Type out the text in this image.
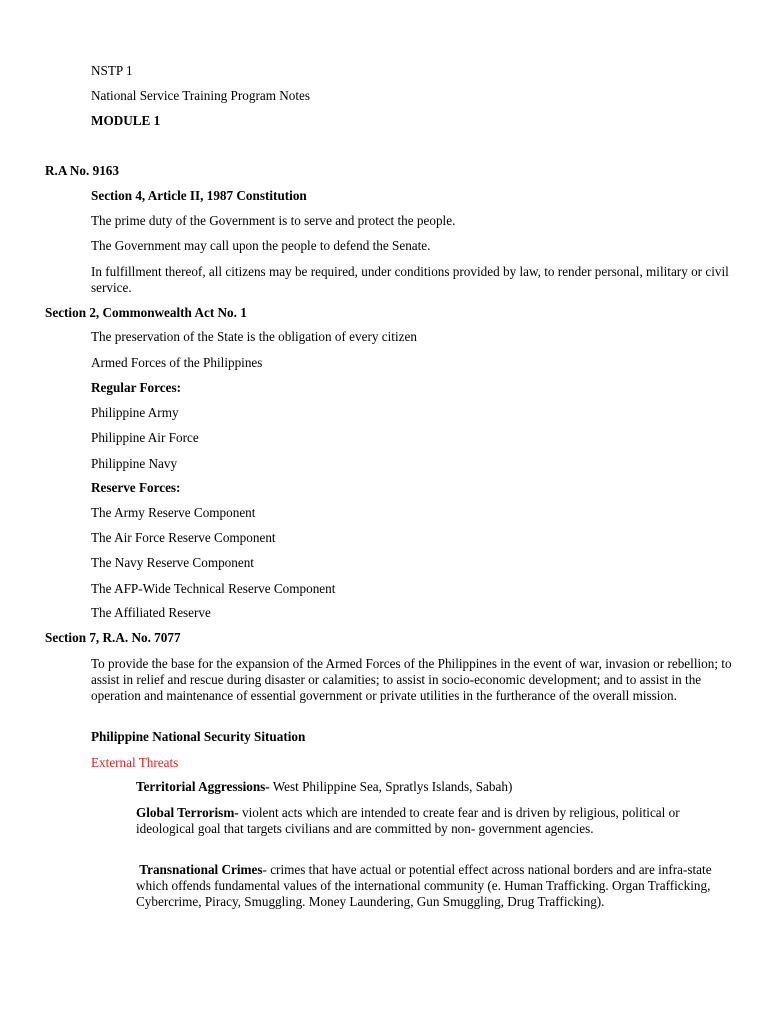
NSTP 1

National Service Training Program Notes

MODULE 1

R.A No. 9163

Section 4, Article II, 1987 Constitution

The prime duty of the Government is to serve and protect the people.

The Government may call upon the people to defend the Senate.

In fulfillment thereof, all citizens may be required, under conditions provided by law, to render personal, military or civil service.

Section 2, Commonwealth Act No. 1

The preservation of the State is the obligation of every citizen

Armed Forces of the Philippines

Regular Forces:

Philippine Army

Philippine Air Force

Philippine Navy

Reserve Forces:

The Army Reserve Component

The Air Force Reserve Component

The Navy Reserve Component

The AFP-Wide Technical Reserve Component

The Affiliated Reserve

Section 7, R.A. No. 7077

To provide the base for the expansion of the Armed Forces of the Philippines in the event of war, invasion or rebellion; to assist in relief and rescue during disaster or calamities; to assist in socio-economic development; and to assist in the operation and maintenance of essential government or private utilities in the furtherance of the overall mission.

Philippine National Security Situation

External Threats

Territorial Aggressions- West Philippine Sea, Spratlys Islands, Sabah)

Global Terrorism- violent acts which are intended to create fear and is driven by religious, political or ideological goal that targets civilians and are committed by non- government agencies.

Transnational Crimes- crimes that have actual or potential effect across national borders and are infra-state which offends fundamental values of the international community (e. Human Trafficking. Organ Trafficking, Cybercrime, Piracy, Smuggling. Money Laundering, Gun Smuggling, Drug Trafficking).
